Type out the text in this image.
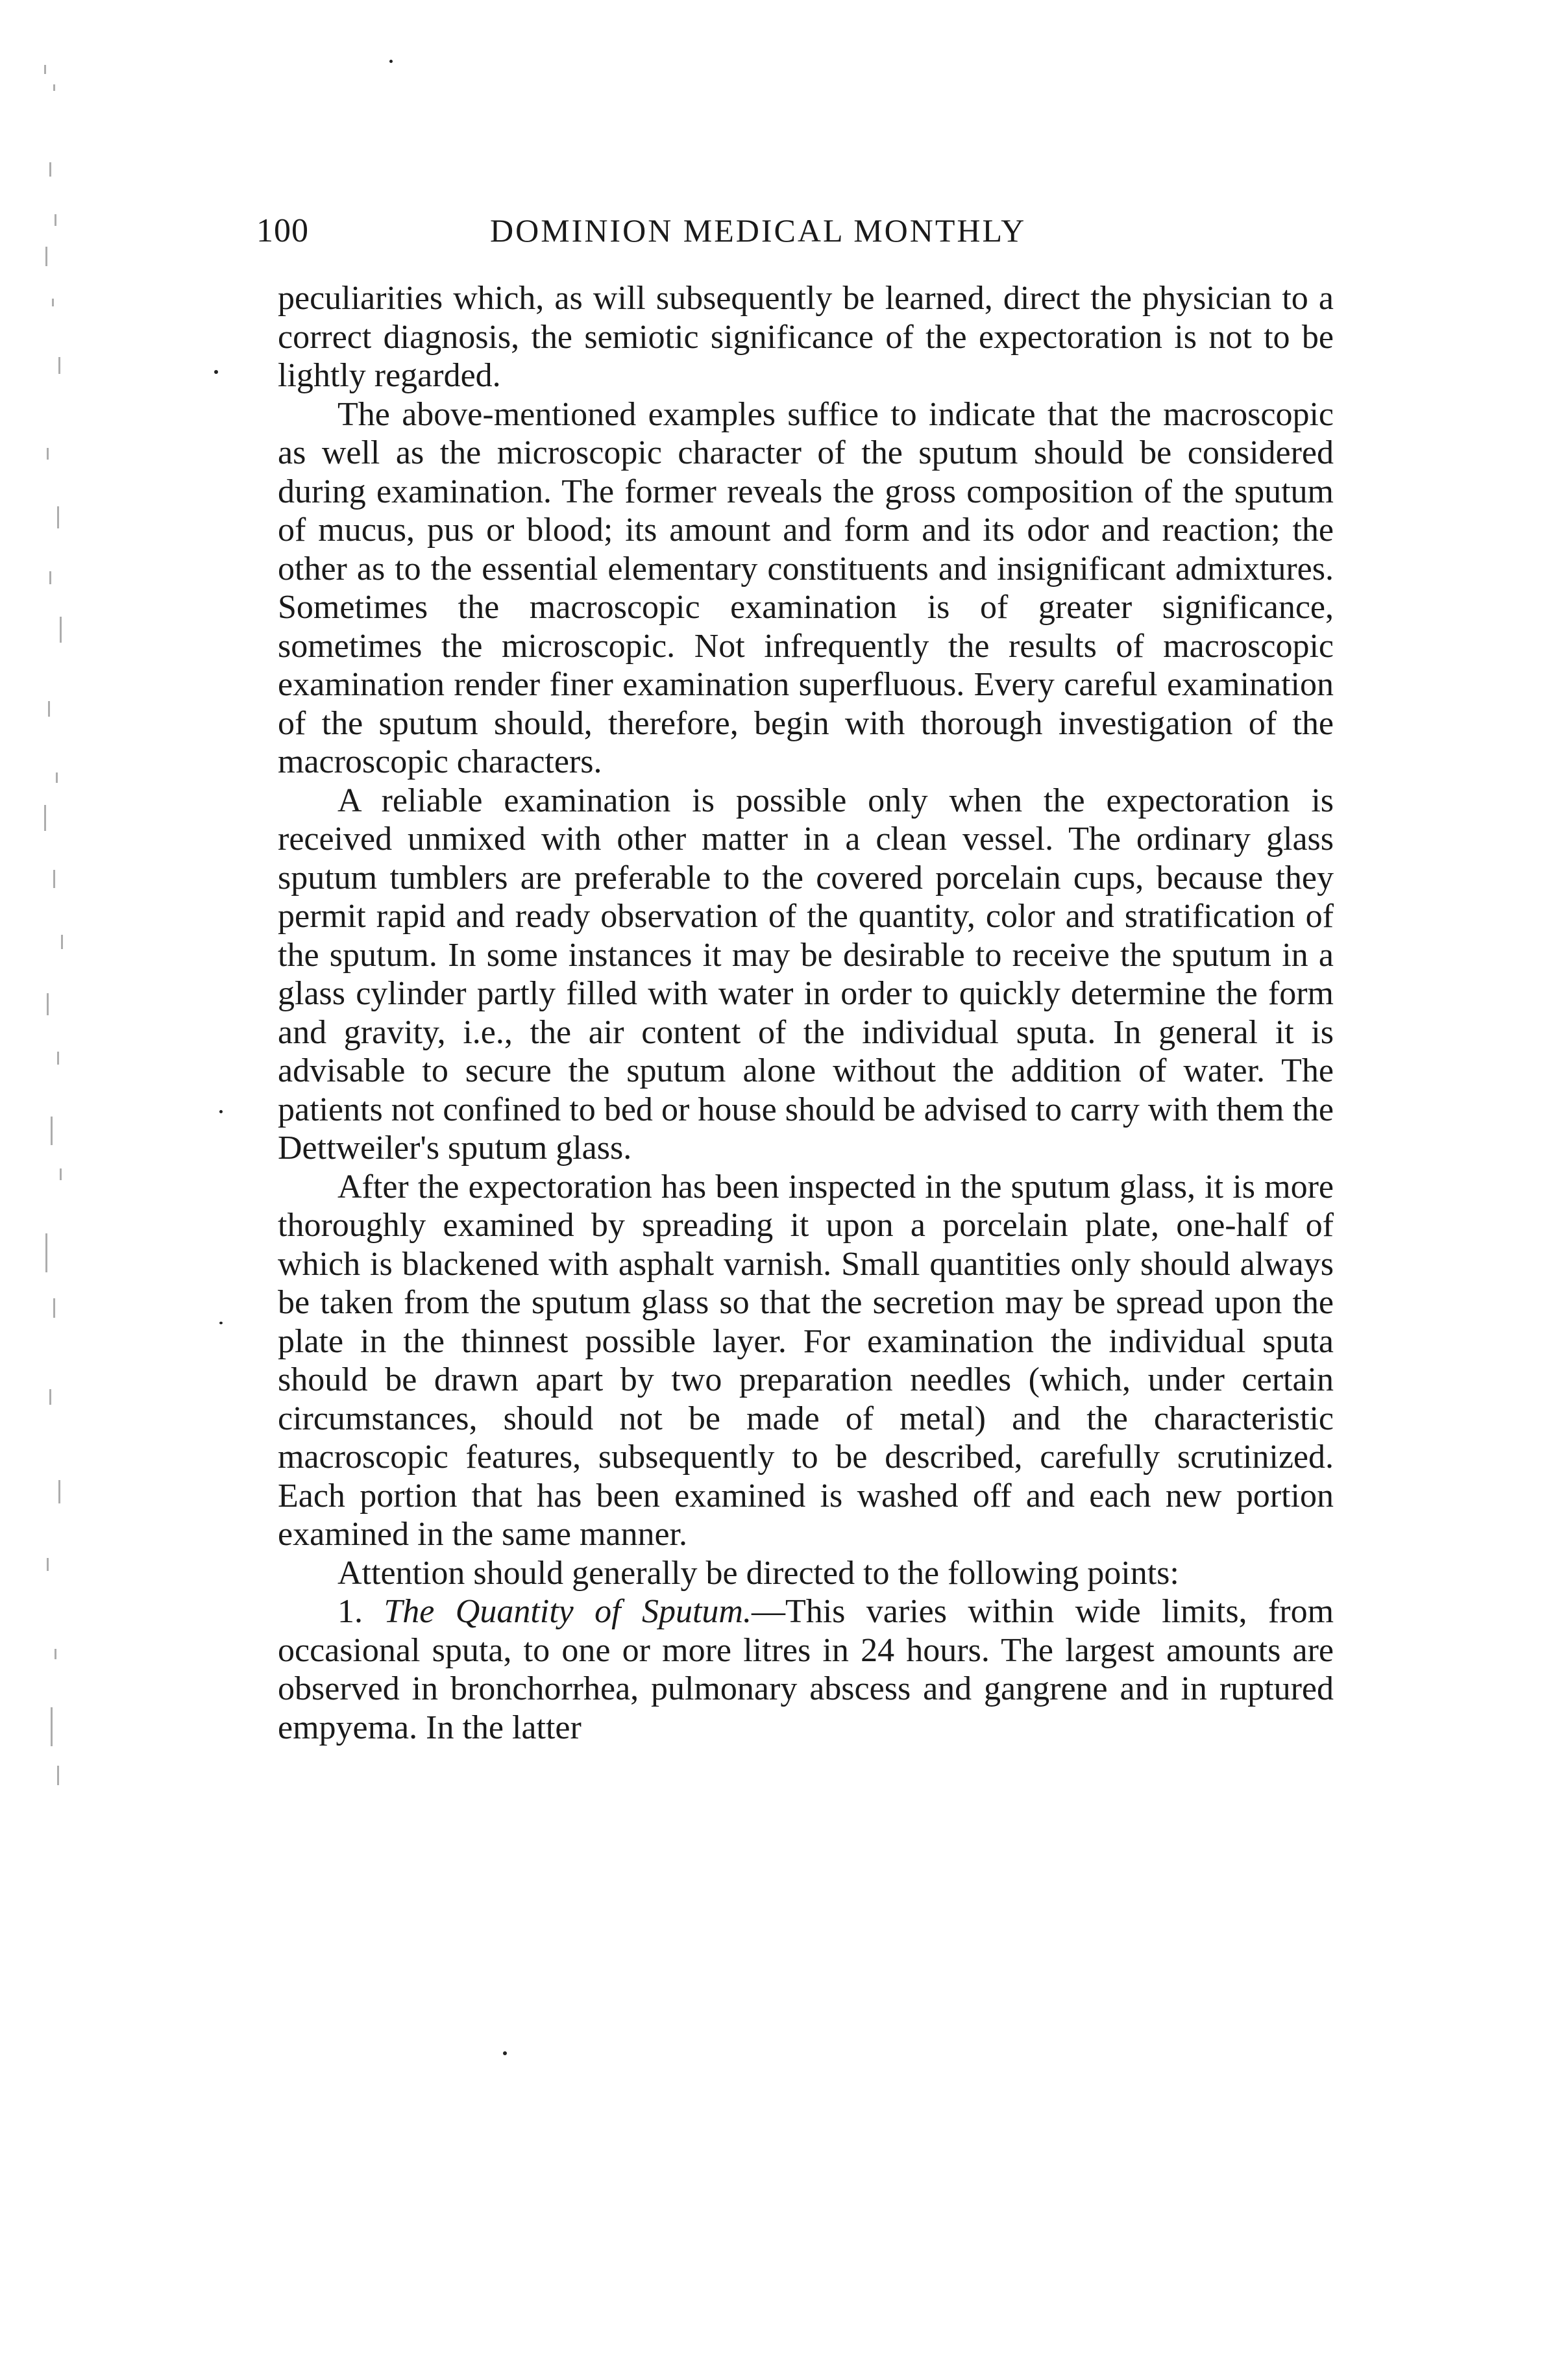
100	DOMINION MEDICAL MONTHLY

peculiarities which, as will subsequently be learned, direct the physician to a correct diagnosis, the semiotic significance of the expectoration is not to be lightly regarded.

The above-mentioned examples suffice to indicate that the macroscopic as well as the microscopic character of the sputum should be considered during examination. The former reveals the gross composition of the sputum of mucus, pus or blood; its amount and form and its odor and reaction; the other as to the essential elementary constituents and insignificant admixtures. Sometimes the macroscopic examination is of greater significance, sometimes the microscopic. Not infrequently the results of macroscopic examination render finer examination superfluous. Every careful examination of the sputum should, therefore, begin with thorough investigation of the macroscopic characters.

A reliable examination is possible only when the expectoration is received unmixed with other matter in a clean vessel. The ordinary glass sputum tumblers are preferable to the covered porcelain cups, because they permit rapid and ready observation of the quantity, color and stratification of the sputum. In some instances it may be desirable to receive the sputum in a glass cylinder partly filled with water in order to quickly determine the form and gravity, i.e., the air content of the individual sputa. In general it is advisable to secure the sputum alone without the addition of water. The patients not confined to bed or house should be advised to carry with them the Dettweiler's sputum glass.

After the expectoration has been inspected in the sputum glass, it is more thoroughly examined by spreading it upon a porcelain plate, one-half of which is blackened with asphalt varnish. Small quantities only should always be taken from the sputum glass so that the secretion may be spread upon the plate in the thinnest possible layer. For examination the individual sputa should be drawn apart by two preparation needles (which, under certain circumstances, should not be made of metal) and the characteristic macroscopic features, subsequently to be described, carefully scrutinized. Each portion that has been examined is washed off and each new portion examined in the same manner.

Attention should generally be directed to the following points:

1. The Quantity of Sputum.—This varies within wide limits, from occasional sputa, to one or more litres in 24 hours. The largest amounts are observed in bronchorrhea, pulmonary abscess and gangrene and in ruptured empyema. In the latter
